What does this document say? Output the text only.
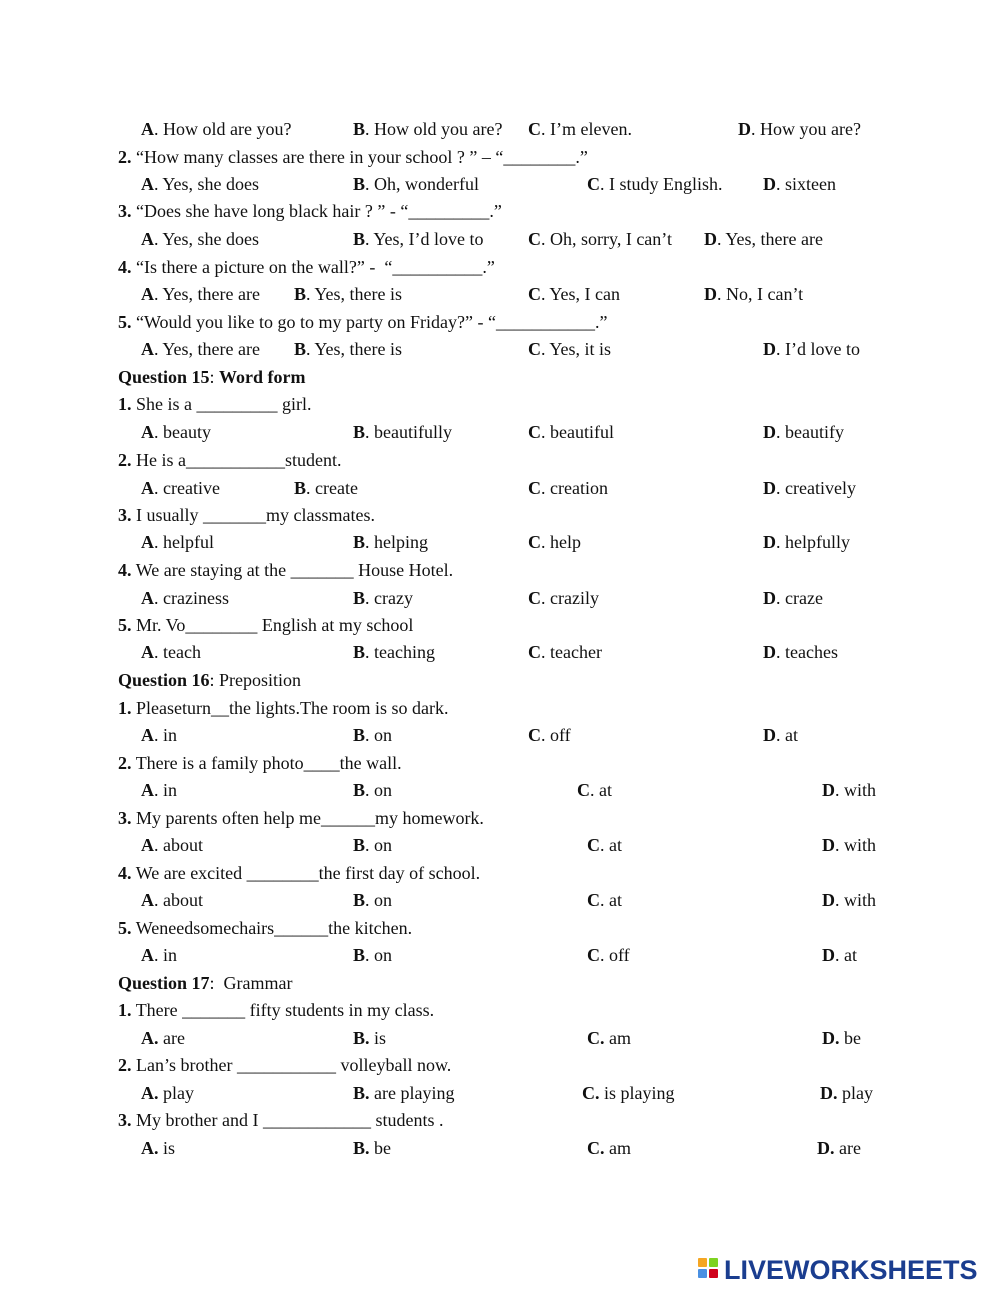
A. How old are you?	B. How old you are? C. I’m eleven.	D. How you are?
2. “How many classes are there in your school ? ” – “________.”
A. Yes, she does	B. Oh, wonderful	C. I study English. D. sixteen
3. “Does she have long black hair ? ” - “_________.”
A. Yes, she does	B. Yes, I’d love to C. Oh, sorry, I can’t D. Yes, there are
4. “Is there a picture on the wall?” -  “__________.”
A. Yes, there are B. Yes, there is	C. Yes, I can	D. No, I can’t
5. “Would you like to go to my party on Friday?” - “___________.”
A. Yes, there are B. Yes, there is	C. Yes, it is	D. I’d love to
Question 15: Word form
1. She is a _________ girl.
A. beauty	B. beautifully	C. beautiful	D. beautify
2. He is a___________student.
A. creative	B. create	C. creation	D. creatively
3. I usually _______my classmates.
A. helpful	B. helping	C. help	D. helpfully
4. We are staying at the _______ House Hotel.
A. craziness	B. crazy	C. crazily	D. craze
5. Mr. Vo________ English at my school
A. teach	B. teaching	C. teacher	D. teaches
Question 16: Preposition
1. Pleaseturn__the lights.The room is so dark.
A. in	B. on	C. off	D. at
2. There is a family photo____the wall.
A. in	B. on	C. at	D. with
3. My parents often help me______my homework.
A. about	B. on	C. at	D. with
4. We are excited ________the first day of school.
A. about	B. on	C. at	D. with
5. Weneedsomechairs______the kitchen.
A. in	B. on	C. off	D. at
Question 17:  Grammar
1. There _______ fifty students in my class.
A. are	B. is	C. am	D. be
2. Lan’s brother ___________ volleyball now.
A. play	B. are playing	C. is playing	D. play
3. My brother and I ____________ students .
A. is	B. be	C. am	D. are
LIVEWORKSHEETS
